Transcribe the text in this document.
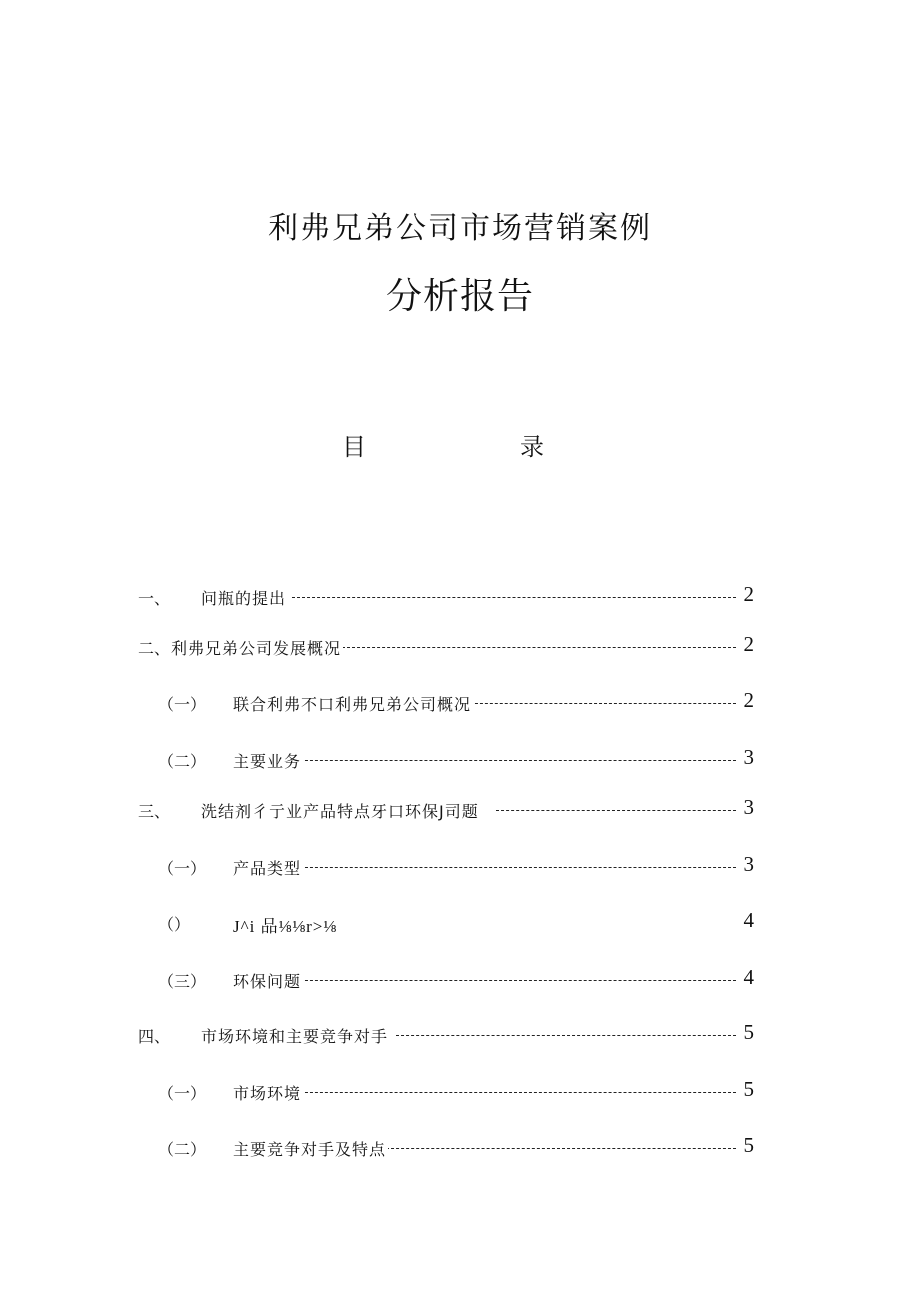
利弗兄弟公司市场营销案例
分析报告
目	录
一、 问瓶的提出	2
二、 利弗兄弟公司发展概况	2
（一） 联合利弗不口利弗兄弟公司概况	2
（二） 主要业务	3
三、 洗结剂彳亍业产品特点牙口环保J司题	3
（一） 产品类型	3
（）	J^i 品⅛⅛r>⅛	4
（三） 环保问题	4
四、 市场环境和主要竞争对手	5
（一） 市场环境	5
（二） 主要竞争对手及特点	5
